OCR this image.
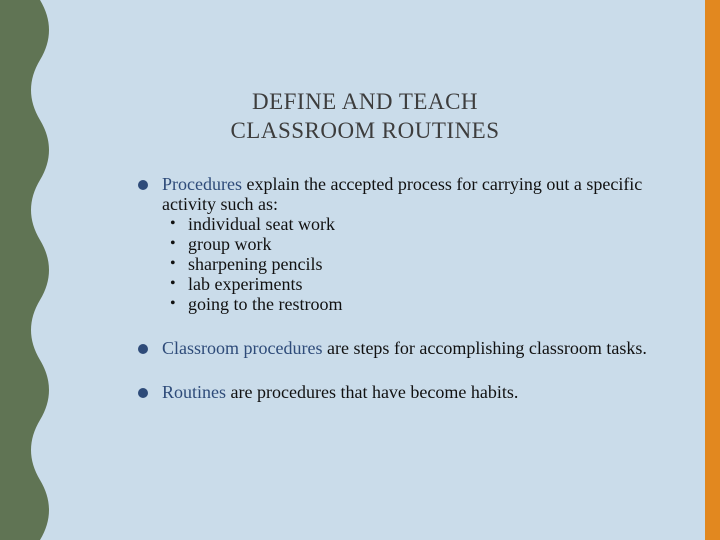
DEFINE AND TEACH
CLASSROOM ROUTINES
Procedures explain the accepted process for carrying out a specific activity such as:
• individual seat work
• group work
• sharpening pencils
• lab experiments
• going to the restroom
Classroom procedures are steps for accomplishing classroom tasks.
Routines are procedures that have become habits.
